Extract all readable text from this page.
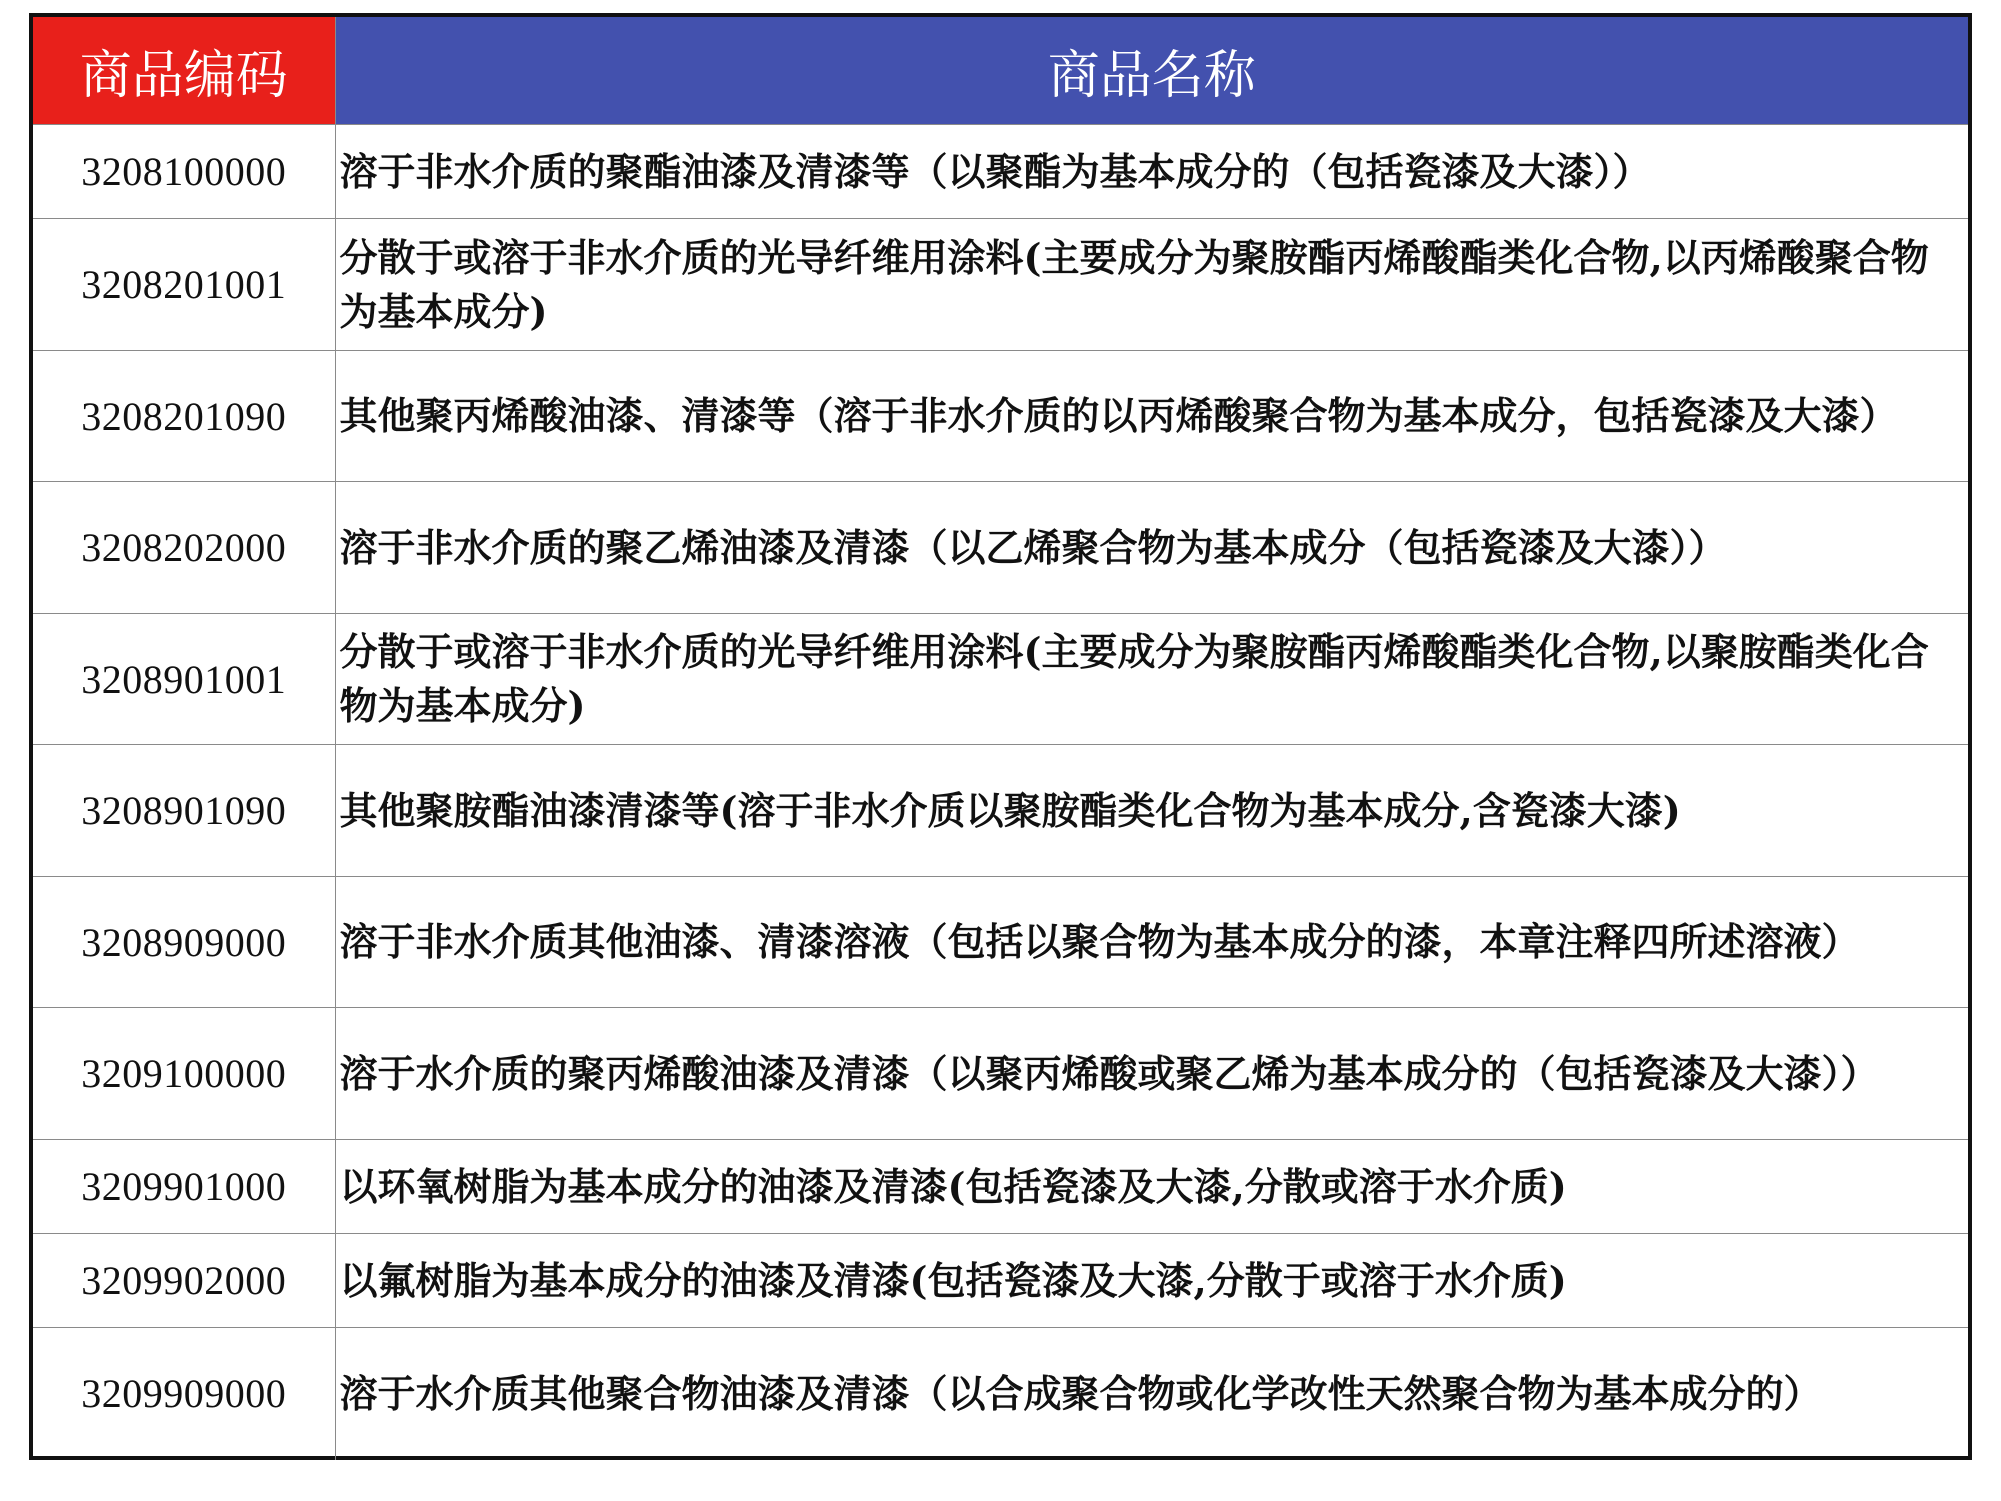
商品编码	商品名称
3208100000	溶于非水介质的聚酯油漆及清漆等（以聚酯为基本成分的（包括瓷漆及大漆））
3208201001	分散于或溶于非水介质的光导纤维用涂料(主要成分为聚胺酯丙烯酸酯类化合物,以丙烯酸聚合物为基本成分)
3208201090	其他聚丙烯酸油漆、清漆等（溶于非水介质的以丙烯酸聚合物为基本成分，包括瓷漆及大漆）
3208202000	溶于非水介质的聚乙烯油漆及清漆（以乙烯聚合物为基本成分（包括瓷漆及大漆））
3208901001	分散于或溶于非水介质的光导纤维用涂料(主要成分为聚胺酯丙烯酸酯类化合物,以聚胺酯类化合物为基本成分)
3208901090	其他聚胺酯油漆清漆等(溶于非水介质以聚胺酯类化合物为基本成分,含瓷漆大漆)
3208909000	溶于非水介质其他油漆、清漆溶液（包括以聚合物为基本成分的漆，本章注释四所述溶液）
3209100000	溶于水介质的聚丙烯酸油漆及清漆（以聚丙烯酸或聚乙烯为基本成分的（包括瓷漆及大漆））
3209901000	以环氧树脂为基本成分的油漆及清漆(包括瓷漆及大漆,分散或溶于水介质)
3209902000	以氟树脂为基本成分的油漆及清漆(包括瓷漆及大漆,分散于或溶于水介质)
3209909000	溶于水介质其他聚合物油漆及清漆（以合成聚合物或化学改性天然聚合物为基本成分的）
